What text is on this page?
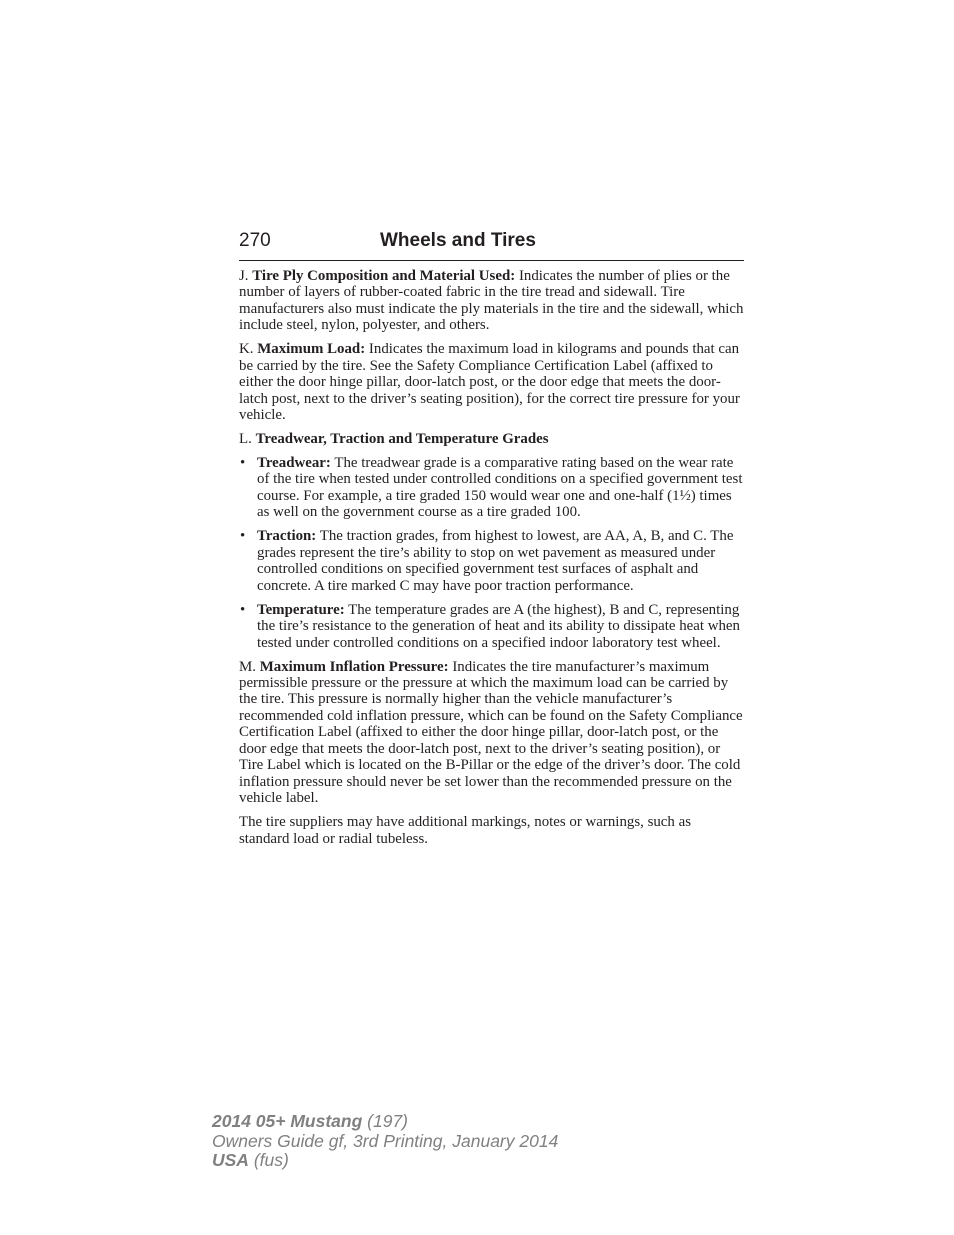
270	Wheels and Tires

J. Tire Ply Composition and Material Used: Indicates the number of plies or the number of layers of rubber-coated fabric in the tire tread and sidewall. Tire manufacturers also must indicate the ply materials in the tire and the sidewall, which include steel, nylon, polyester, and others.

K. Maximum Load: Indicates the maximum load in kilograms and pounds that can be carried by the tire. See the Safety Compliance Certification Label (affixed to either the door hinge pillar, door-latch post, or the door edge that meets the door-latch post, next to the driver’s seating position), for the correct tire pressure for your vehicle.

L. Treadwear, Traction and Temperature Grades

• Treadwear: The treadwear grade is a comparative rating based on the wear rate of the tire when tested under controlled conditions on a specified government test course. For example, a tire graded 150 would wear one and one-half (1½) times as well on the government course as a tire graded 100.
• Traction: The traction grades, from highest to lowest, are AA, A, B, and C. The grades represent the tire’s ability to stop on wet pavement as measured under controlled conditions on specified government test surfaces of asphalt and concrete. A tire marked C may have poor traction performance.
• Temperature: The temperature grades are A (the highest), B and C, representing the tire’s resistance to the generation of heat and its ability to dissipate heat when tested under controlled conditions on a specified indoor laboratory test wheel.

M. Maximum Inflation Pressure: Indicates the tire manufacturer’s maximum permissible pressure or the pressure at which the maximum load can be carried by the tire. This pressure is normally higher than the vehicle manufacturer’s recommended cold inflation pressure, which can be found on the Safety Compliance Certification Label (affixed to either the door hinge pillar, door-latch post, or the door edge that meets the door-latch post, next to the driver’s seating position), or Tire Label which is located on the B-Pillar or the edge of the driver’s door. The cold inflation pressure should never be set lower than the recommended pressure on the vehicle label.

The tire suppliers may have additional markings, notes or warnings, such as standard load or radial tubeless.

2014 05+ Mustang (197)
Owners Guide gf, 3rd Printing, January 2014
USA (fus)
